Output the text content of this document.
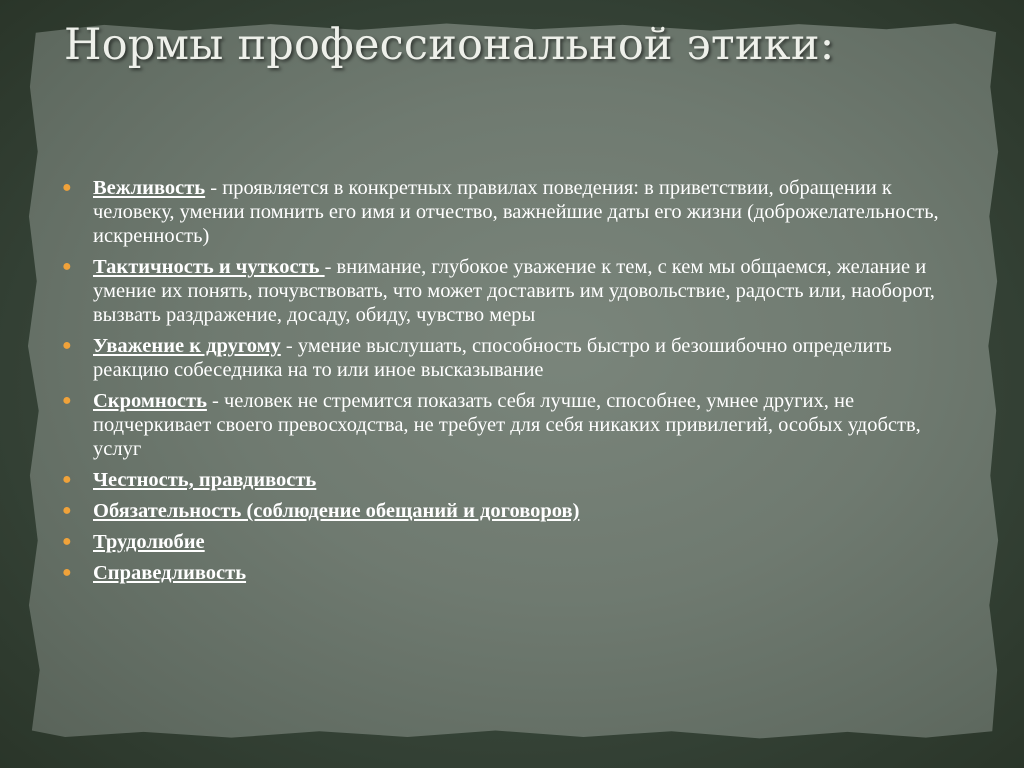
Нормы профессиональной этики:
● Вежливость - проявляется в конкретных правилах поведения: в приветствии, обращении к человеку, умении помнить его имя и отчество, важнейшие даты его жизни (доброжелательность, искренность)
● Тактичность и чуткость - внимание, глубокое уважение к тем, с кем мы общаемся, желание и умение их понять, почувствовать, что может доставить им удовольствие, радость или, наоборот, вызвать раздражение, досаду, обиду, чувство меры
● Уважение к другому - умение выслушать, способность быстро и безошибочно определить реакцию собеседника на то или иное высказывание
● Скромность - человек не стремится показать себя лучше, способнее, умнее других, не подчеркивает своего превосходства, не требует для себя никаких привилегий, особых удобств, услуг
● Честность, правдивость
● Обязательность (соблюдение обещаний и договоров)
● Трудолюбие
● Справедливость
